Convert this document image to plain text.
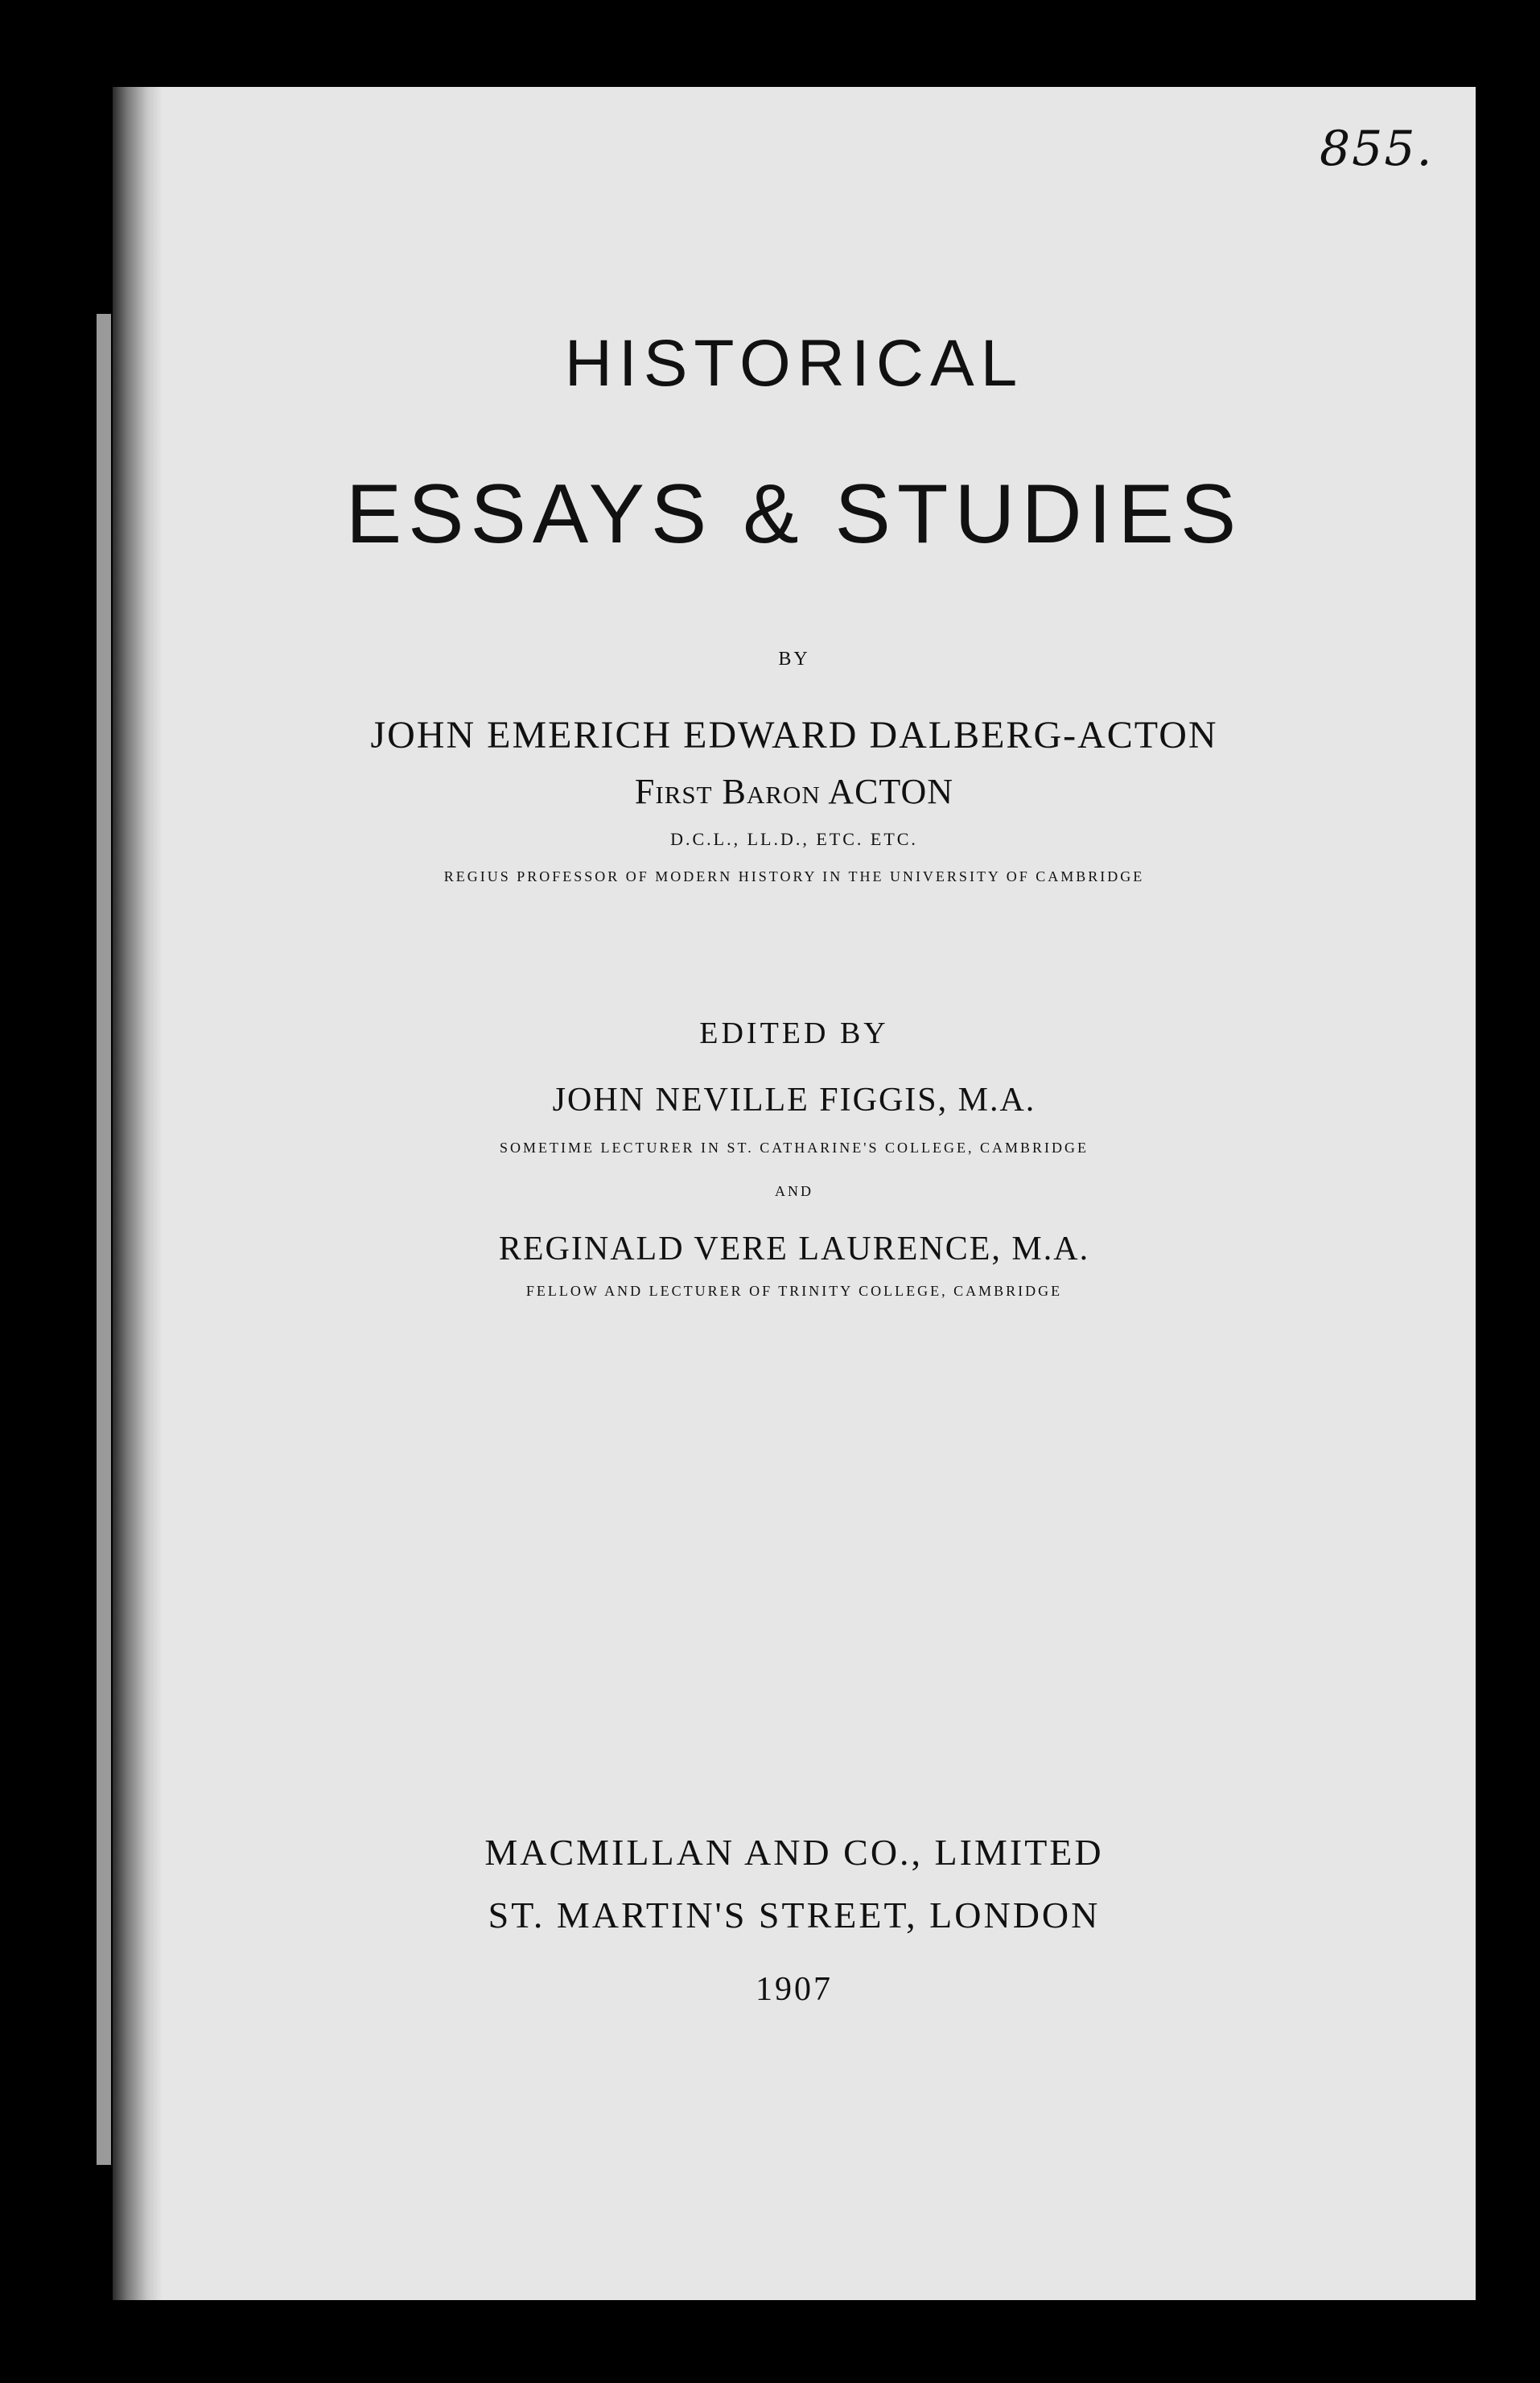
855.
HISTORICAL
ESSAYS & STUDIES
BY
JOHN EMERICH EDWARD DALBERG-ACTON
First Baron ACTON
D.C.L., LL.D., ETC. ETC.
REGIUS PROFESSOR OF MODERN HISTORY IN THE UNIVERSITY OF CAMBRIDGE
EDITED BY
JOHN NEVILLE FIGGIS, M.A.
SOMETIME LECTURER IN ST. CATHARINE'S COLLEGE, CAMBRIDGE
AND
REGINALD VERE LAURENCE, M.A.
FELLOW AND LECTURER OF TRINITY COLLEGE, CAMBRIDGE
MACMILLAN AND CO., LIMITED
ST. MARTIN'S STREET, LONDON
1907
